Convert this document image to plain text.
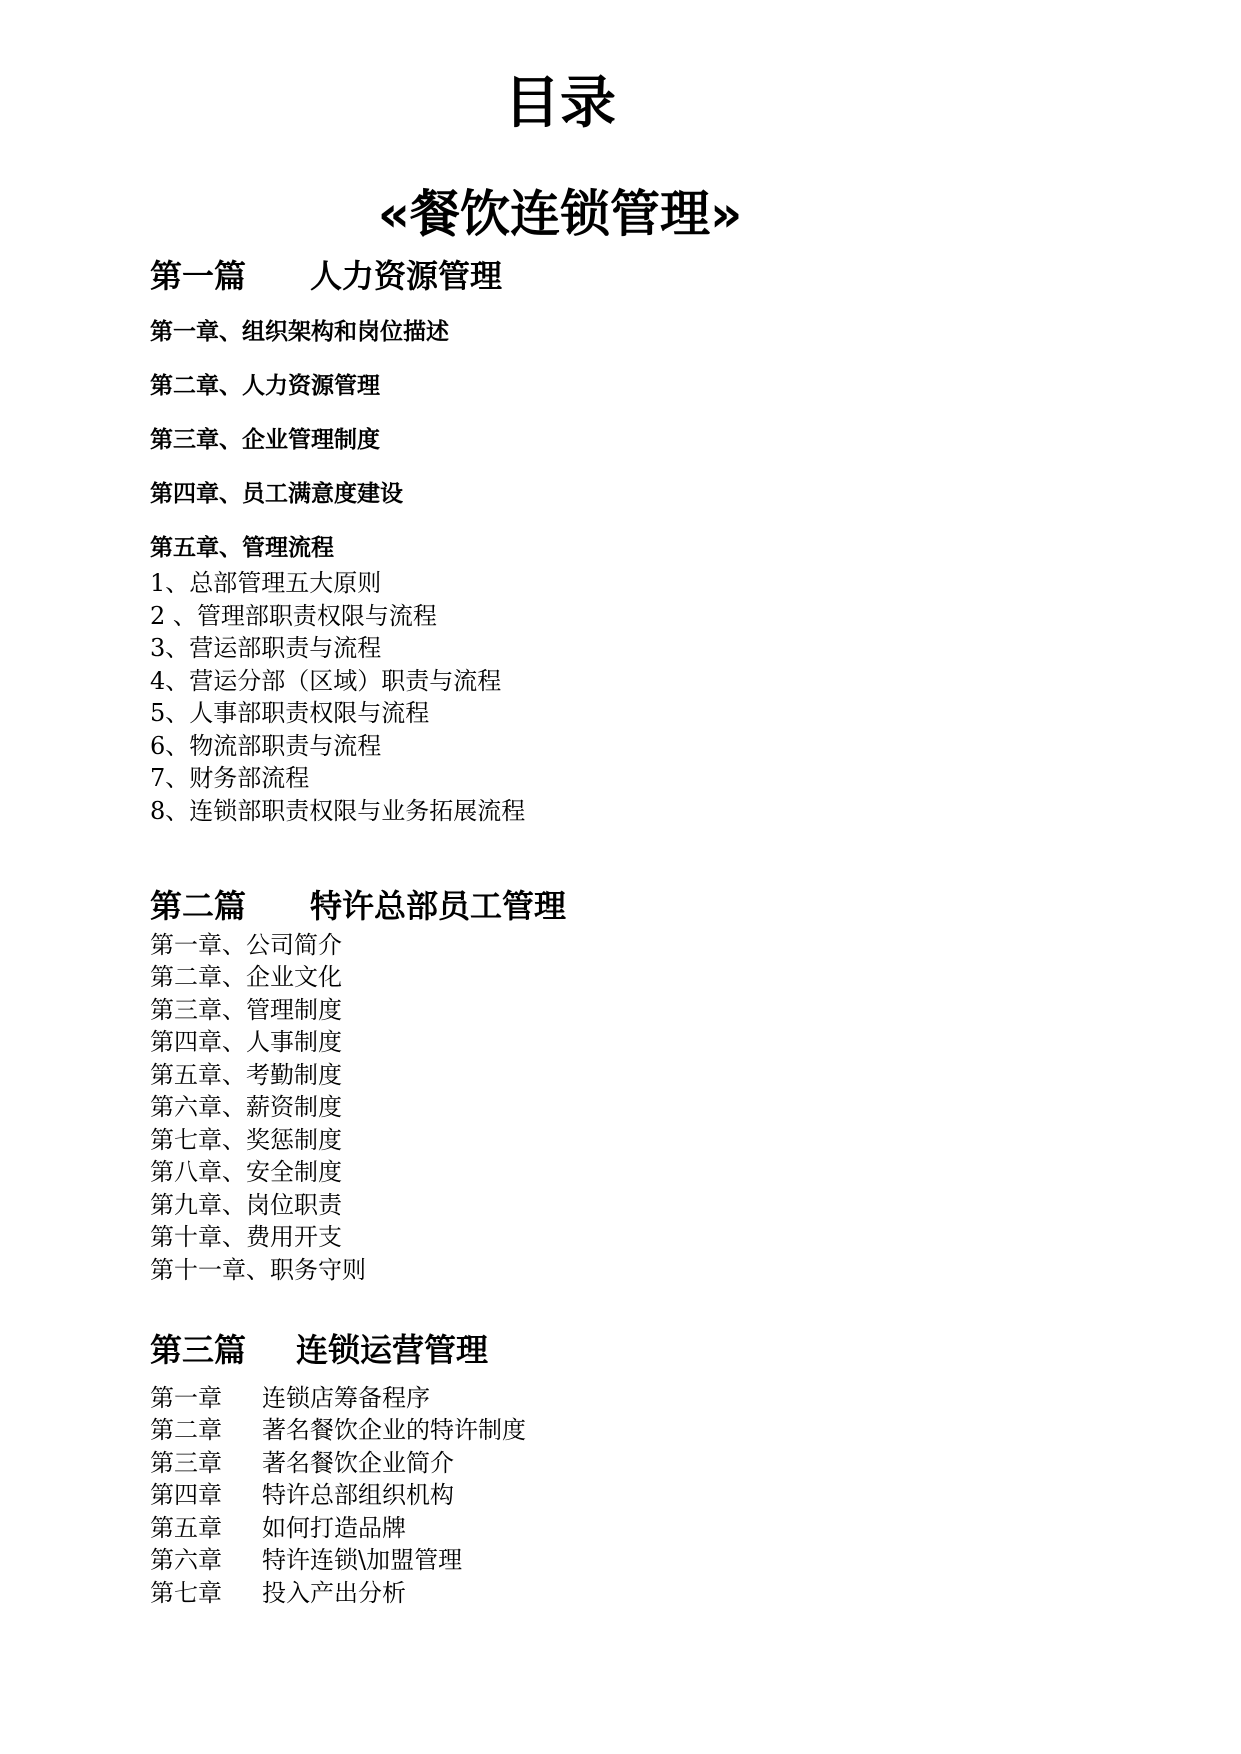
目录
«餐饮连锁管理»
第一篇 人力资源管理
第一章、组织架构和岗位描述
第二章、人力资源管理
第三章、企业管理制度
第四章、员工满意度建设
第五章、管理流程
1、总部管理五大原则
2 、管理部职责权限与流程
3、营运部职责与流程
4、营运分部（区域）职责与流程
5、人事部职责权限与流程
6、物流部职责与流程
7、财务部流程
8、连锁部职责权限与业务拓展流程
第二篇 特许总部员工管理
第一章、公司简介
第二章、企业文化
第三章、管理制度
第四章、人事制度
第五章、考勤制度
第六章、薪资制度
第七章、奖惩制度
第八章、安全制度
第九章、岗位职责
第十章、费用开支
第十一章、职务守则
第三篇 连锁运营管理
第一章 连锁店筹备程序
第二章 著名餐饮企业的特许制度
第三章 著名餐饮企业简介
第四章 特许总部组织机构
第五章 如何打造品牌
第六章 特许连锁\加盟管理
第七章 投入产出分析
